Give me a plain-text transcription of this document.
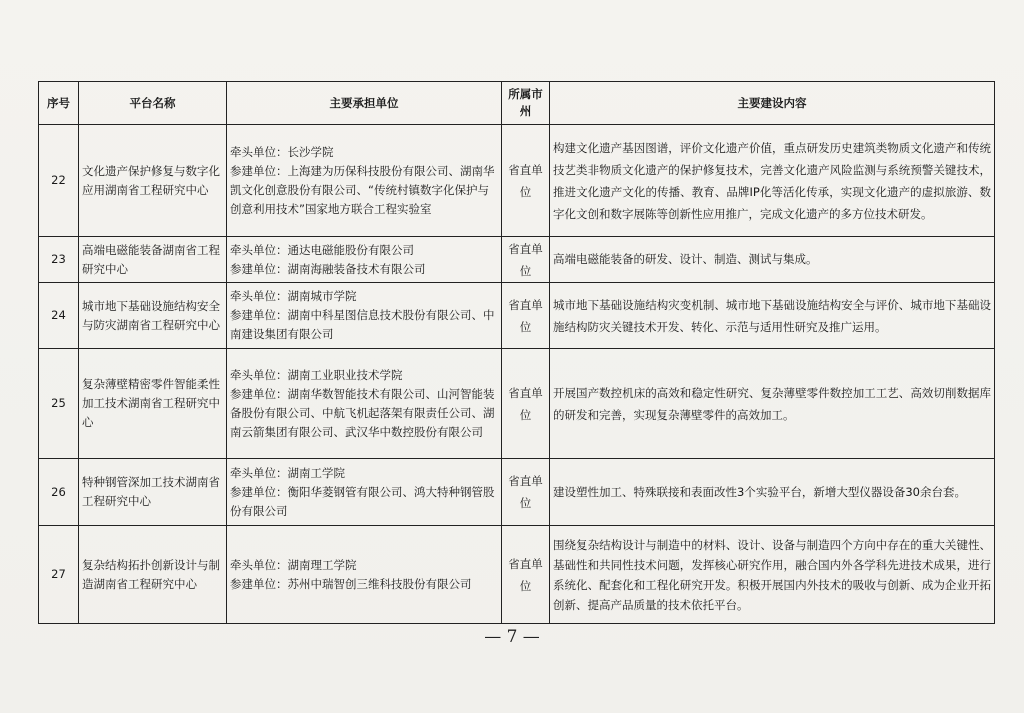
序号	平台名称	主要承担单位	所属市州	主要建设内容
22	文化遗产保护修复与数字化应用湖南省工程研究中心	牵头单位：长沙学院
参建单位：上海建为历保科技股份有限公司、湖南华凯文化创意股份有限公司、“传统村镇数字化保护与创意利用技术”国家地方联合工程实验室	省直单位	构建文化遗产基因图谱，评价文化遗产价值，重点研发历史建筑类物质文化遗产和传统技艺类非物质文化遗产的保护修复技术，完善文化遗产风险监测与系统预警关键技术，推进文化遗产文化的传播、教育、品牌IP化等活化传承，实现文化遗产的虚拟旅游、数字化文创和数字展陈等创新性应用推广，完成文化遗产的多方位技术研发。
23	高端电磁能装备湖南省工程研究中心	牵头单位：通达电磁能股份有限公司
参建单位：湖南海融装备技术有限公司	省直单位	高端电磁能装备的研发、设计、制造、测试与集成。
24	城市地下基础设施结构安全与防灾湖南省工程研究中心	牵头单位：湖南城市学院
参建单位：湖南中科星图信息技术股份有限公司、中南建设集团有限公司	省直单位	城市地下基础设施结构灾变机制、城市地下基础设施结构安全与评价、城市地下基础设施结构防灾关键技术开发、转化、示范与适用性研究及推广运用。
25	复杂薄壁精密零件智能柔性加工技术湖南省工程研究中心	牵头单位：湖南工业职业技术学院
参建单位：湖南华数智能技术有限公司、山河智能装备股份有限公司、中航飞机起落架有限责任公司、湖南云箭集团有限公司、武汉华中数控股份有限公司	省直单位	开展国产数控机床的高效和稳定性研究、复杂薄壁零件数控加工工艺、高效切削数据库的研发和完善，实现复杂薄壁零件的高效加工。
26	特种钢管深加工技术湖南省工程研究中心	牵头单位：湖南工学院
参建单位：衡阳华菱钢管有限公司、鸿大特种钢管股份有限公司	省直单位	建设塑性加工、特殊联接和表面改性3个实验平台，新增大型仪器设备30余台套。
27	复杂结构拓扑创新设计与制造湖南省工程研究中心	牵头单位：湖南理工学院
参建单位：苏州中瑞智创三维科技股份有限公司	省直单位	围绕复杂结构设计与制造中的材料、设计、设备与制造四个方向中存在的重大关键性、基础性和共同性技术问题，发挥核心研究作用，融合国内外各学科先进技术成果，进行系统化、配套化和工程化研究开发。积极开展国内外技术的吸收与创新、成为企业开拓创新、提高产品质量的技术依托平台。
— 7 —
